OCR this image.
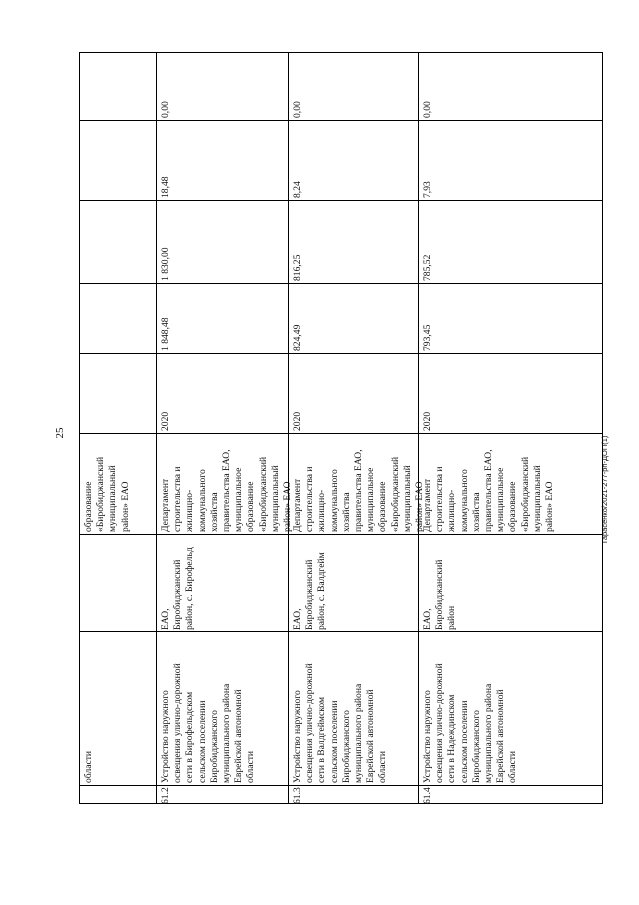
25
Тарасенко/2021-277-рп-ДОП(1)
области
образование
«Биробиджанский
муниципальный
район» ЕАО
61.2
Устройство наружного
освещения улично-дорожной
сети в Бирофельдском
сельском поселении
Биробиджанского
муниципального района
Еврейской автономной
области
ЕАО,
Биробиджанский
район, с. Бирофельд
Департамент
строительства и
жилищно-
коммунального
хозяйства
правительства ЕАО,
муниципальное
образование
«Биробиджанский
муниципальный
район» ЕАО
2020
1 848,48
1 830,00
18,48
0,00
61.3
Устройство наружного
освещения улично-дорожной
сети в Валдгеймском
сельском поселении
Биробиджанского
муниципального района
Еврейской автономной
области
ЕАО,
Биробиджанский
район, с. Валдгейм
Департамент
строительства и
жилищно-
коммунального
хозяйства
правительства ЕАО,
муниципальное
образование
«Биробиджанский
муниципальный
район» ЕАО
2020
824,49
816,25
8,24
0,00
61.4
Устройство наружного
освещения улично-дорожной
сети в Надеждинском
сельском поселении
Биробиджанского
муниципального района
Еврейской автономной
области
ЕАО,
Биробиджанский
район
Департамент
строительства и
жилищно-
коммунального
хозяйства
правительства ЕАО,
муниципальное
образование
«Биробиджанский
муниципальный
район» ЕАО
2020
793,45
785,52
7,93
0,00
